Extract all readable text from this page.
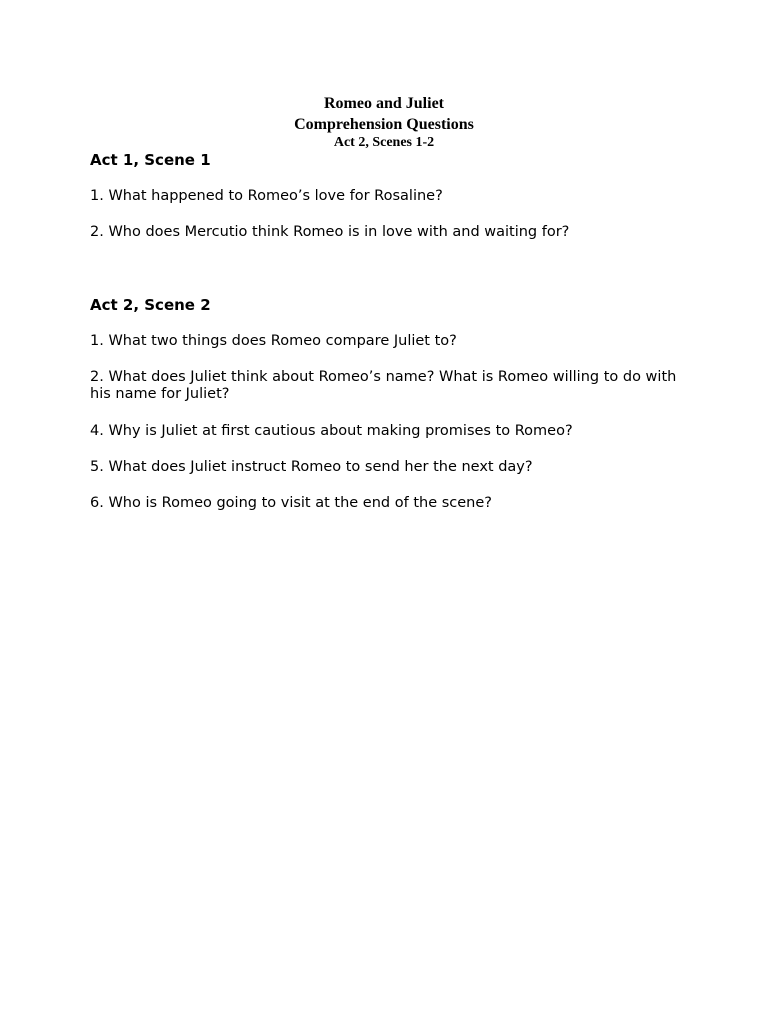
Romeo and Juliet

Comprehension Questions

Act 2, Scenes 1-2

Act 1, Scene 1

1. What happened to Romeo’s love for Rosaline?

2. Who does Mercutio think Romeo is in love with and waiting for?

Act 2, Scene 2

1. What two things does Romeo compare Juliet to?

2. What does Juliet think about Romeo’s name? What is Romeo willing to do with his name for Juliet?

4. Why is Juliet at first cautious about making promises to Romeo?

5. What does Juliet instruct Romeo to send her the next day?

6. Who is Romeo going to visit at the end of the scene?
